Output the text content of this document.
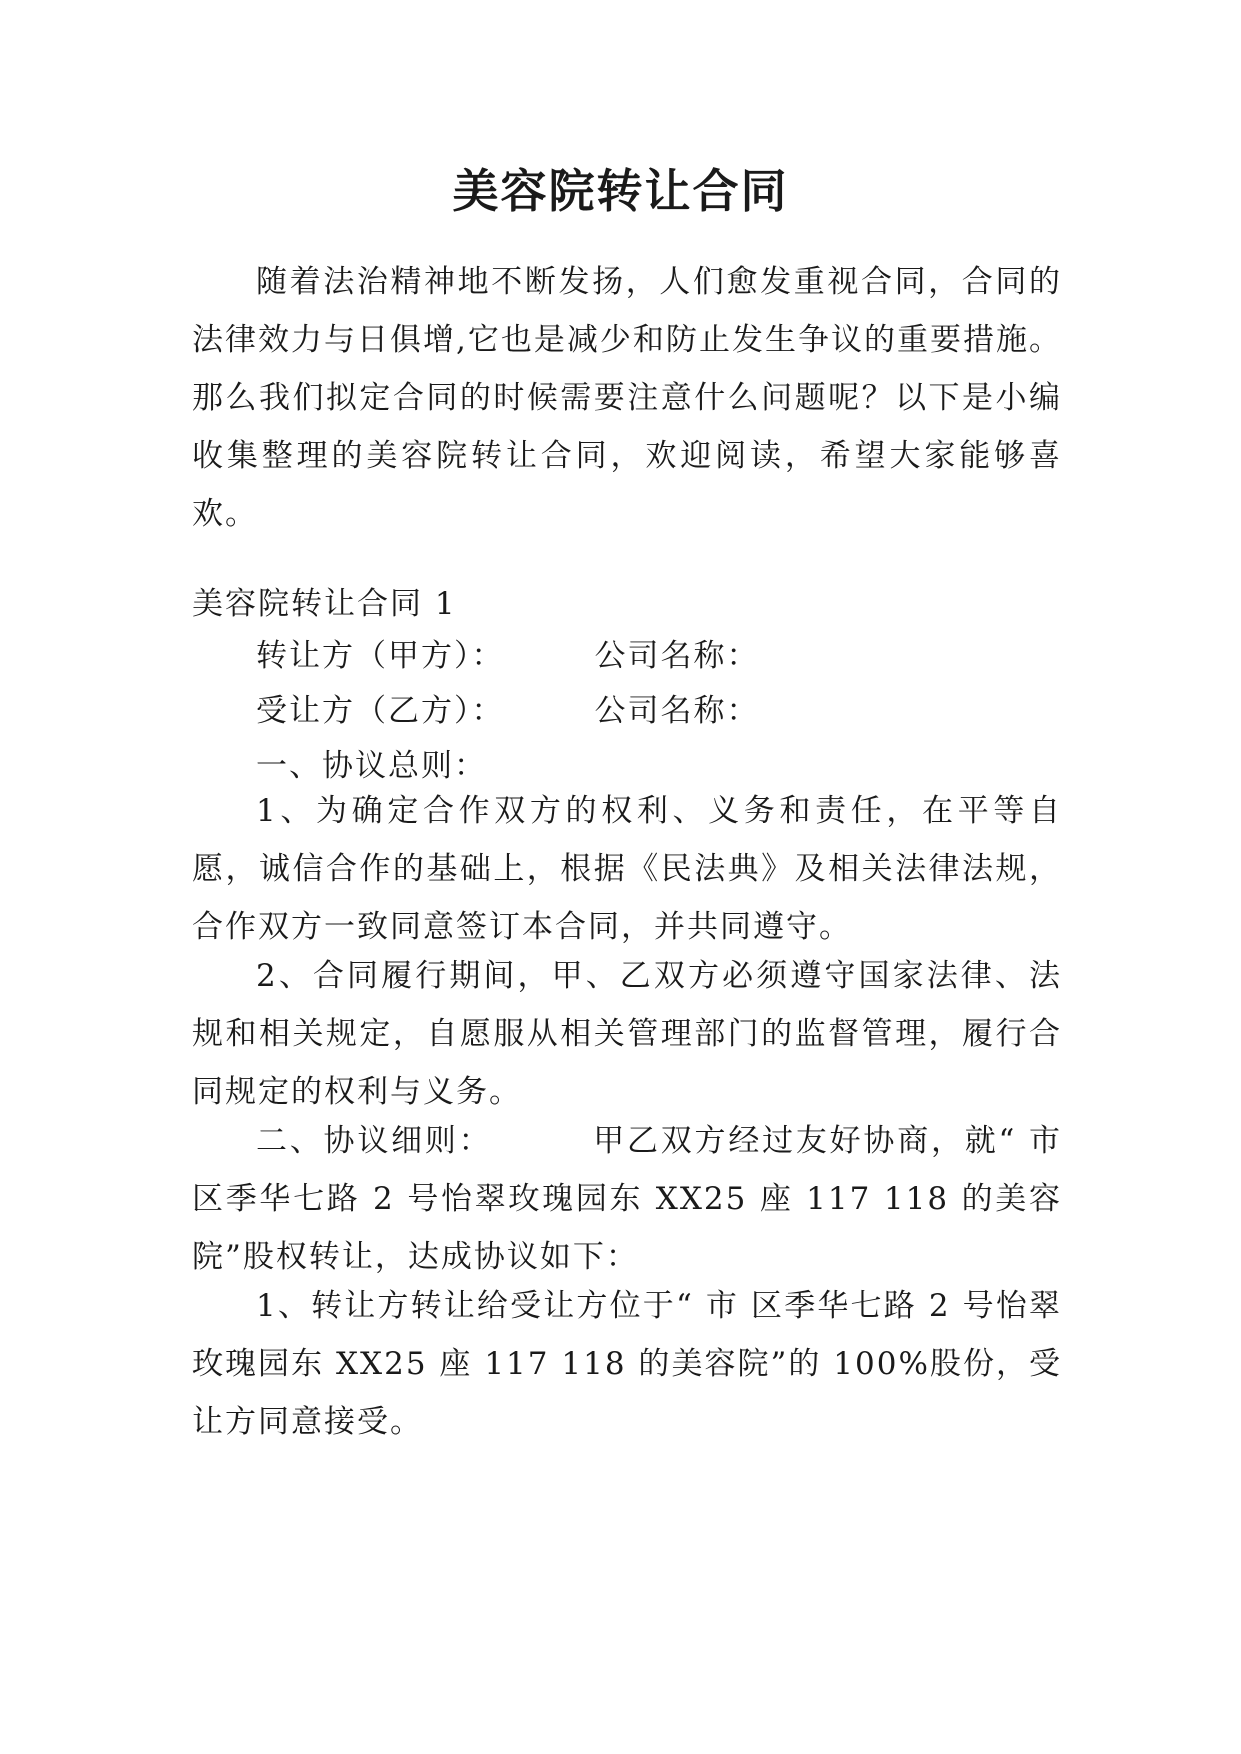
美容院转让合同

随着法治精神地不断发扬，人们愈发重视合同，合同的法律效力与日俱增,它也是减少和防止发生争议的重要措施。那么我们拟定合同的时候需要注意什么问题呢？以下是小编收集整理的美容院转让合同，欢迎阅读，希望大家能够喜欢。

美容院转让合同 1
转让方（甲方）：	公司名称：
受让方（乙方）：	公司名称：
一、协议总则：

1、为确定合作双方的权利、义务和责任，在平等自愿，诚信合作的基础上，根据《民法典》及相关法律法规，合作双方一致同意签订本合同，并共同遵守。

2、合同履行期间，甲、乙双方必须遵守国家法律、法规和相关规定，自愿服从相关管理部门的监督管理，履行合同规定的权利与义务。

二、协议细则：	甲乙双方经过友好协商，就“ 市区季华七路 2 号怡翠玫瑰园东 XX25 座 117 118 的美容院”股权转让，达成协议如下：

1、转让方转让给受让方位于“ 市 区季华七路 2 号怡翠玫瑰园东 XX25 座 117 118 的美容院”的 100%股份，受让方同意接受。
